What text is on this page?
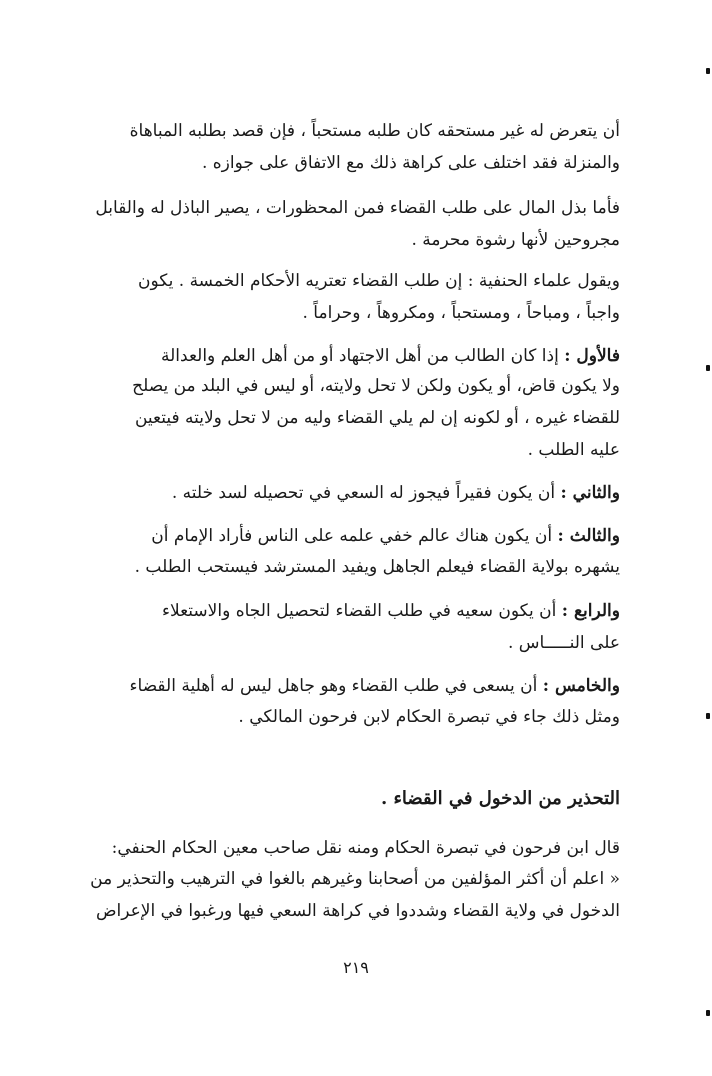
أن يتعرض له غير مستحقه كان طلبه مستحباً ، فإن قصد بطلبه المباهاة
والمنزلة فقد اختلف على كراهة ذلك مع الاتفاق على جوازه .
فأما بذل المال على طلب القضاء فمن المحظورات ، يصير الباذل له والقابل
مجروحين لأنها رشوة محرمة .
ويقول علماء الحنفية : إن طلب القضاء تعتريه الأحكام الخمسة . يكون
واجباً ، ومباحاً ، ومستحباً ، ومكروهاً ، وحراماً .
فالأول : إذا كان الطالب من أهل الاجتهاد أو من أهل العلم والعدالة
ولا يكون قاض، أو يكون ولكن لا تحل ولايته، أو ليس في البلد من يصلح
للقضاء غيره ، أو لكونه إن لم يلي القضاء وليه من لا تحل ولايته فيتعين
عليه الطلب .
والثاني : أن يكون فقيراً فيجوز له السعي في تحصيله لسد خلته .
والثالث : أن يكون هناك عالم خفي علمه على الناس فأراد الإمام أن
يشهره بولاية القضاء فيعلم الجاهل ويفيد المسترشد فيستحب الطلب .
والرابع : أن يكون سعيه في طلب القضاء لتحصيل الجاه والاستعلاء
على النـــــاس .
والخامس : أن يسعى في طلب القضاء وهو جاهل ليس له أهلية القضاء
ومثل ذلك جاء في تبصرة الحكام لابن فرحون المالكي .
التحذير من الدخول في القضاء .
قال ابن فرحون في تبصرة الحكام ومنه نقل صاحب معين الحكام الحنفي:
« اعلم أن أكثر المؤلفين من أصحابنا وغيرهم بالغوا في الترهيب والتحذير من
الدخول في ولاية القضاء وشددوا في كراهة السعي فيها ورغبوا في الإعراض
٢١٩
